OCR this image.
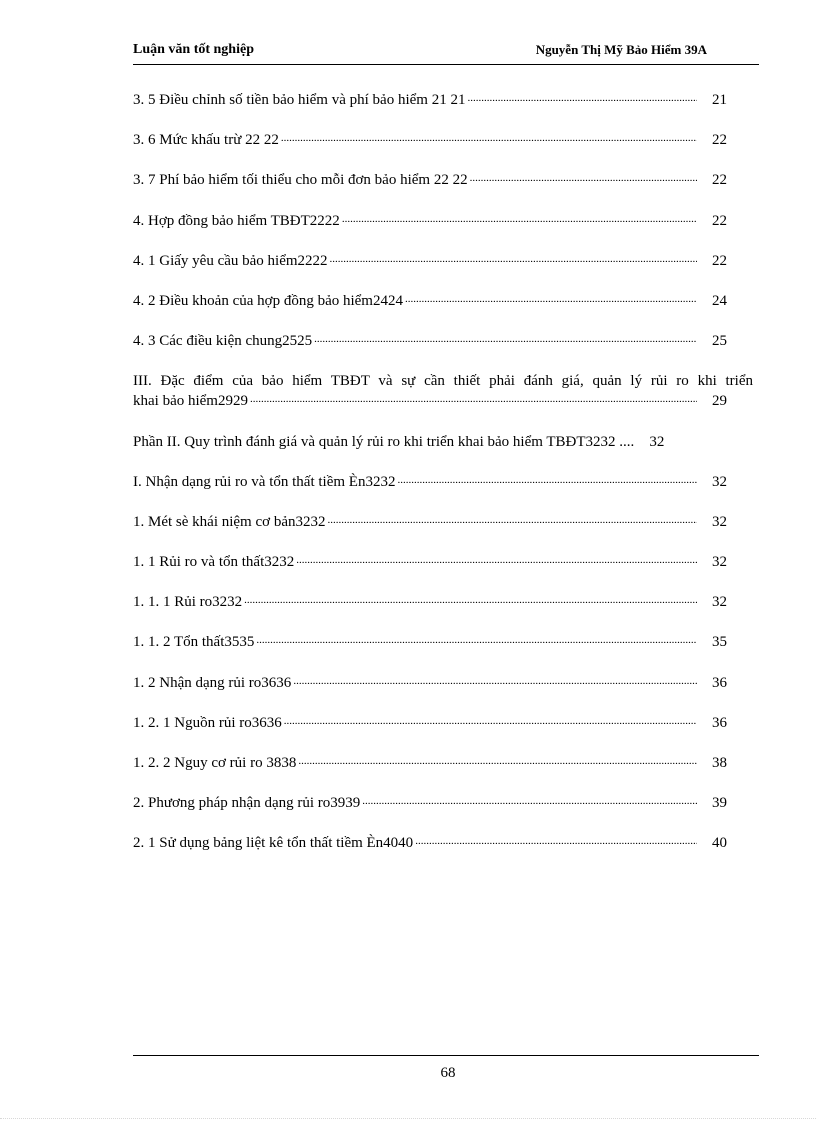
Luận văn tốt nghiệp	Nguyễn Thị Mỹ Bảo Hiểm 39A
3. 5 Điều chỉnh số tiền bảo hiểm và phí bảo hiểm 21 21 .....	21
3. 6 Mức khấu trừ 22 22 .....	22
3. 7 Phí bảo hiểm tối thiểu cho mỗi đơn bảo hiểm 22 22 .....	22
4. Hợp đồng bảo hiểm TBĐT2222 .....	22
4. 1 Giấy yêu cầu bảo hiểm2222 .....	22
4. 2 Điều khoản của hợp đồng bảo hiểm2424 .....	24
4. 3 Các điều kiện chung2525 .....	25
III. Đặc điểm của bảo hiểm TBĐT và sự cần thiết phải đánh giá, quản lý rủi ro khi triển
khai bảo hiểm2929 .....	29
Phần II. Quy trình đánh giá và quản lý rủi ro khi triển khai bảo hiểm TBĐT3232 ....	32
I. Nhận dạng rủi ro và tổn thất tiềm Èn3232 .....	32
1. Mét sè khái niệm cơ bản3232 .....	32
1. 1 Rủi ro và tổn thất3232 .....	32
1. 1. 1 Rủi ro3232 .....	32
1. 1. 2 Tổn thất3535 .....	35
1. 2 Nhận dạng rủi ro3636 .....	36
1. 2. 1 Nguồn rủi ro3636 .....	36
1. 2. 2 Nguy cơ rủi ro 3838 .....	38
2. Phương pháp nhận dạng rủi ro3939 .....	39
2. 1 Sử dụng bảng liệt kê tổn thất tiềm Èn4040 .....	40
68
